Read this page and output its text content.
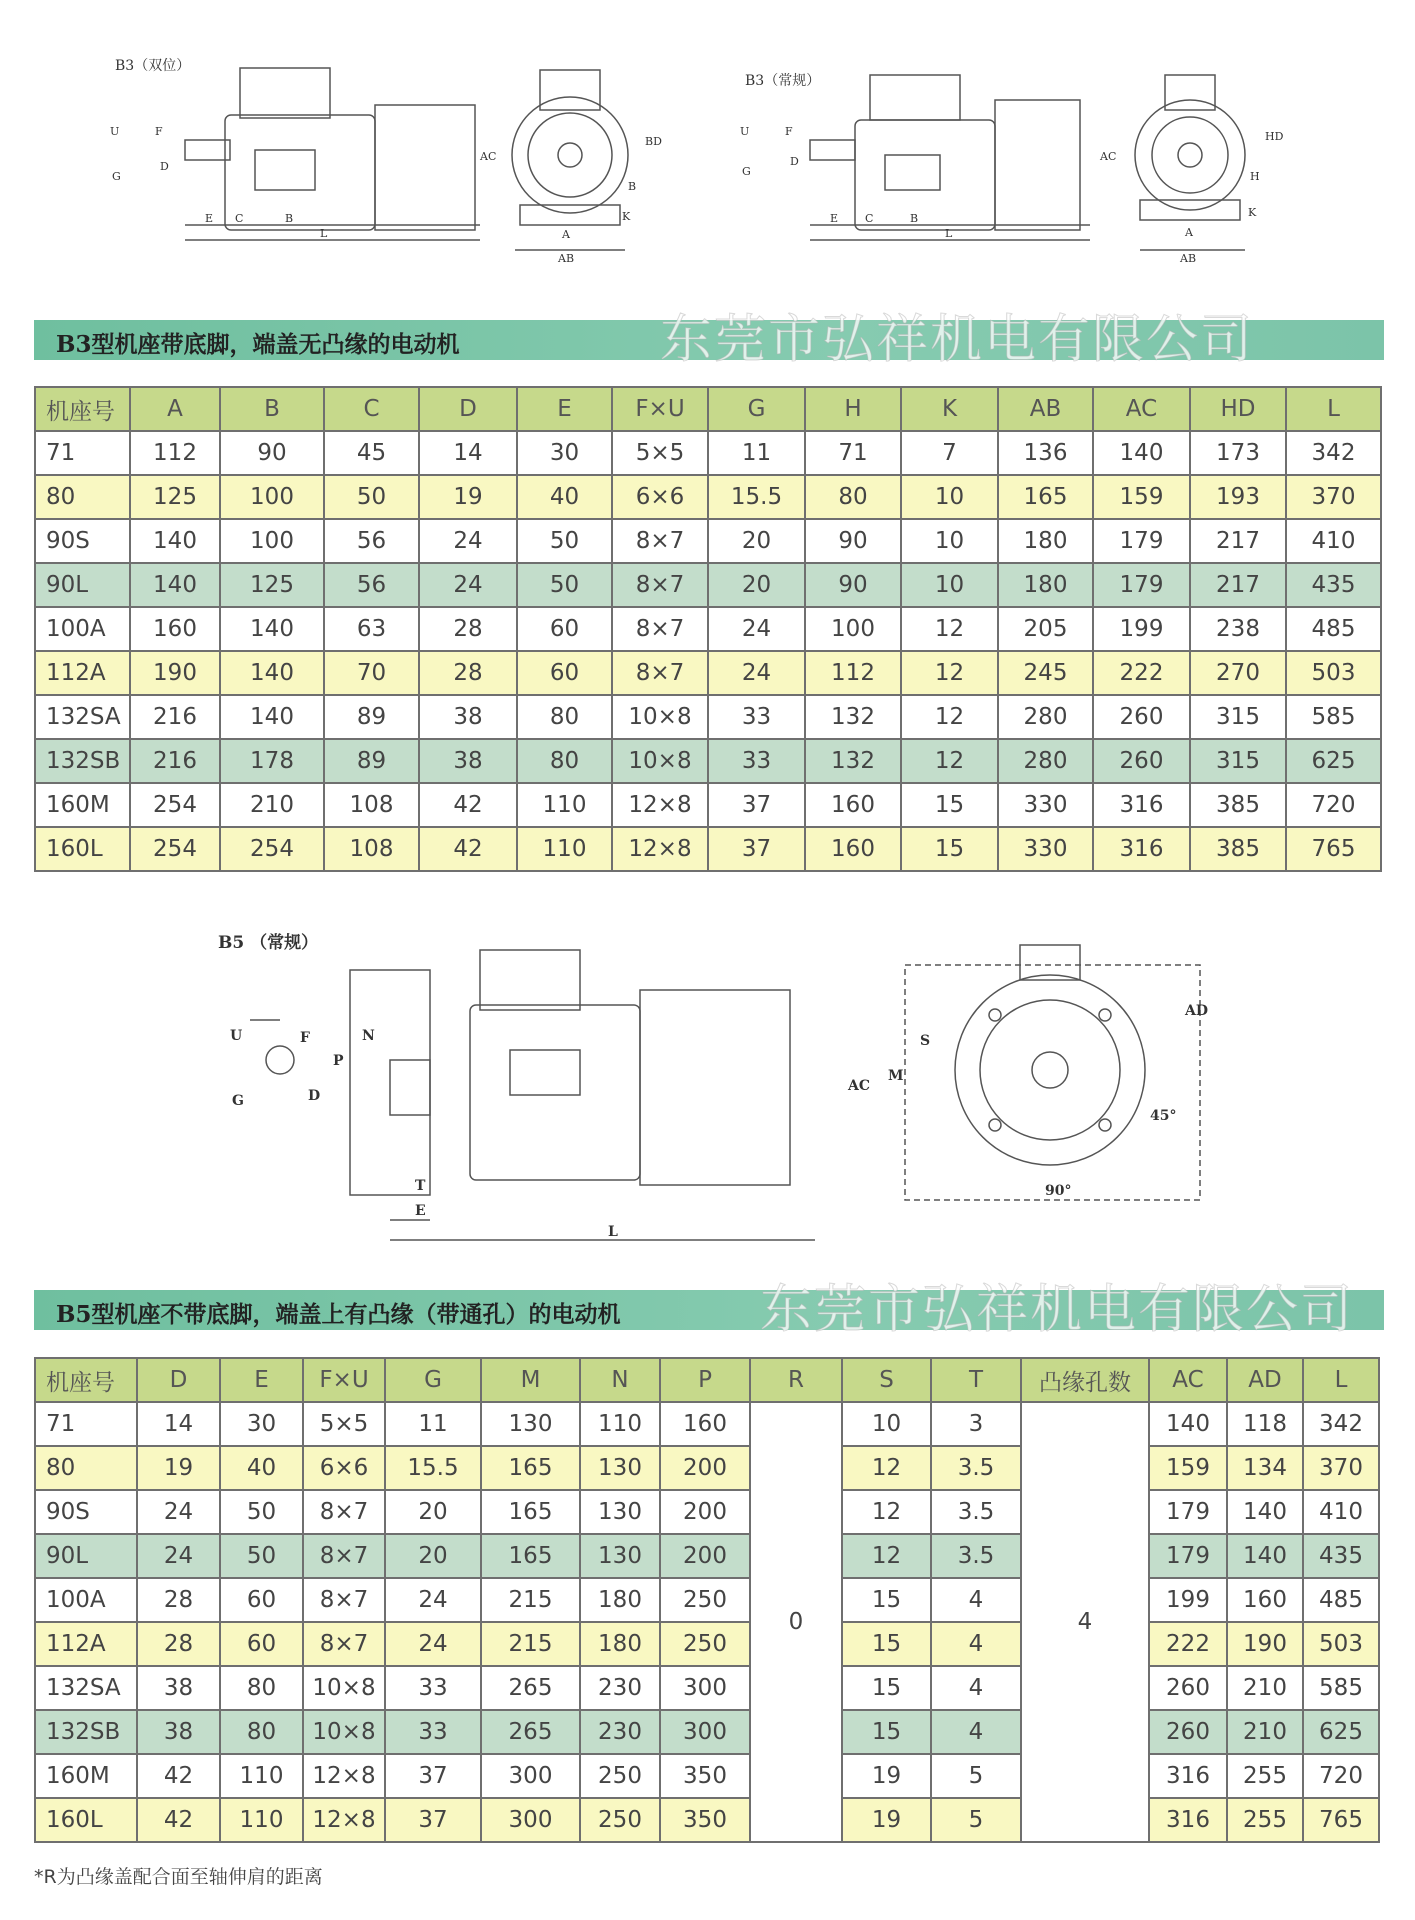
B3（双位）
B3（常规）
U	F
D
G
E C	B
L
AC
A
AB
BD
B
K
U	F
D
G
E C	B
L
AC
A
AB
HD
H
K
B3型机座带底脚，端盖无凸缘的电动机	东莞市弘祥机电有限公司
机座号	A	B	C	D	E	F×U	G	H	K	AB	AC	HD	L
71	112	90	45	14	30	5×5	11	71	7	136	140	173	342
80	125	100	50	19	40	6×6	15.5	80	10	165	159	193	370
90S	140	100	56	24	50	8×7	20	90	10	180	179	217	410
90L	140	125	56	24	50	8×7	20	90	10	180	179	217	435
100A	160	140	63	28	60	8×7	24	100	12	205	199	238	485
112A	190	140	70	28	60	8×7	24	112	12	245	222	270	503
132SA	216	140	89	38	80	10×8	33	132	12	280	260	315	585
132SB	216	178	89	38	80	10×8	33	132	12	280	260	315	625
160M	254	210	108	42	110	12×8	37	160	15	330	316	385	720
160L	254	254	108	42	110	12×8	37	160	15	330	316	385	765
B5 （常规）
U	F
G	D
P
N
T
E
L
AC
M
S
AD
45°
90°
B5型机座不带底脚，端盖上有凸缘（带通孔）的电动机	东莞市弘祥机电有限公司
机座号	D	E	F×U	G	M	N	P	R	S	T	凸缘孔数	AC	AD	L
71	14	30	5×5	11	130	110	160	0	10	3	4	140	118	342
80	19	40	6×6	15.5	165	130	200		12	3.5		159	134	370
90S	24	50	8×7	20	165	130	200		12	3.5		179	140	410
90L	24	50	8×7	20	165	130	200		12	3.5		179	140	435
100A	28	60	8×7	24	215	180	250		15	4		199	160	485
112A	28	60	8×7	24	215	180	250		15	4		222	190	503
132SA	38	80	10×8	33	265	230	300		15	4		260	210	585
132SB	38	80	10×8	33	265	230	300		15	4		260	210	625
160M	42	110	12×8	37	300	250	350		19	5		316	255	720
160L	42	110	12×8	37	300	250	350		19	5		316	255	765
*R为凸缘盖配合面至轴伸肩的距离
